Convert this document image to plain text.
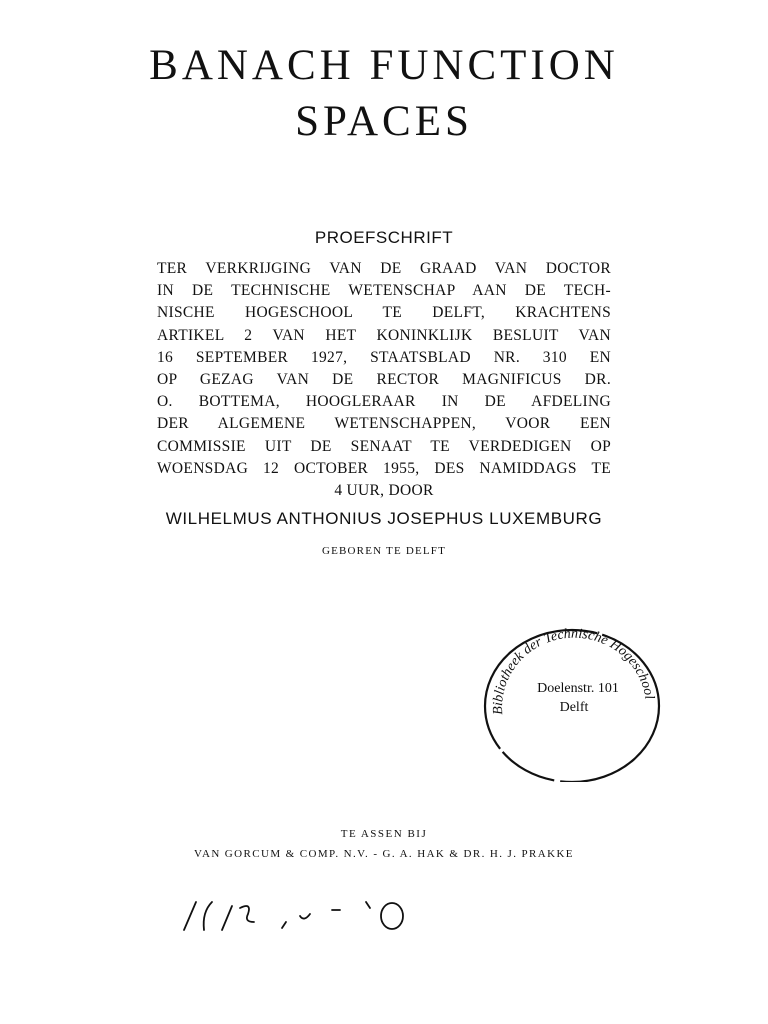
BANACH FUNCTION
SPACES
PROEFSCHRIFT
TER VERKRIJGING VAN DE GRAAD VAN DOCTOR
IN DE TECHNISCHE WETENSCHAP AAN DE TECH-
NISCHE HOGESCHOOL TE DELFT, KRACHTENS
ARTIKEL 2 VAN HET KONINKLIJK BESLUIT VAN
16 SEPTEMBER 1927, STAATSBLAD NR. 310 EN
OP GEZAG VAN DE RECTOR MAGNIFICUS DR.
O. BOTTEMA, HOOGLERAAR IN DE AFDELING
DER ALGEMENE WETENSCHAPPEN, VOOR EEN
COMMISSIE UIT DE SENAAT TE VERDEDIGEN OP
WOENSDAG 12 OCTOBER 1955, DES NAMIDDAGS TE
4 UUR, DOOR
WILHELMUS ANTHONIUS JOSEPHUS LUXEMBURG
GEBOREN TE DELFT
Bibliotheek der Technische Hogeschool
Doelenstr. 101
Delft
TE ASSEN BIJ
VAN GORCUM & COMP. N.V. - G. A. HAK & DR. H. J. PRAKKE
